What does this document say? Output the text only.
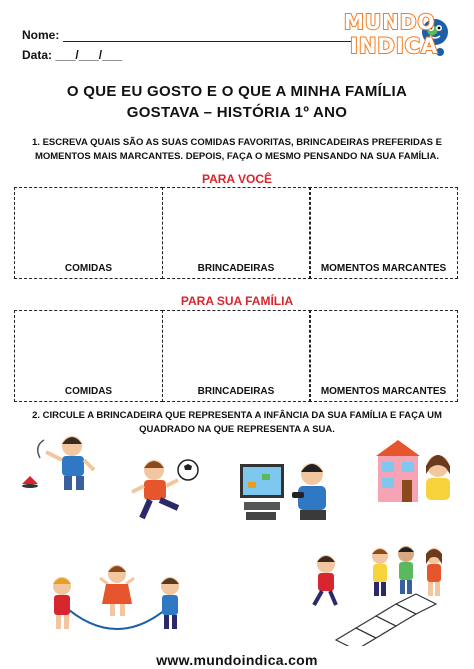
Nome:
Data: ___/___/___
MUNDO
INDICA
O QUE EU GOSTO E O QUE A MINHA FAMÍLIA
GOSTAVA – HISTÓRIA 1º ANO
1. ESCREVA QUAIS SÃO AS SUAS COMIDAS FAVORITAS, BRINCADEIRAS PREFERIDAS E MOMENTOS MAIS MARCANTES. DEPOIS, FAÇA O MESMO PENSANDO NA SUA FAMÍLIA.
PARA VOCÊ
COMIDAS	BRINCADEIRAS	MOMENTOS MARCANTES
PARA SUA FAMÍLIA
COMIDAS	BRINCADEIRAS	MOMENTOS MARCANTES
2. CIRCULE A BRINCADEIRA QUE REPRESENTA A INFÂNCIA DA SUA FAMÍLIA E FAÇA UM QUADRADO NA QUE REPRESENTA A SUA.
www.mundoindica.com
